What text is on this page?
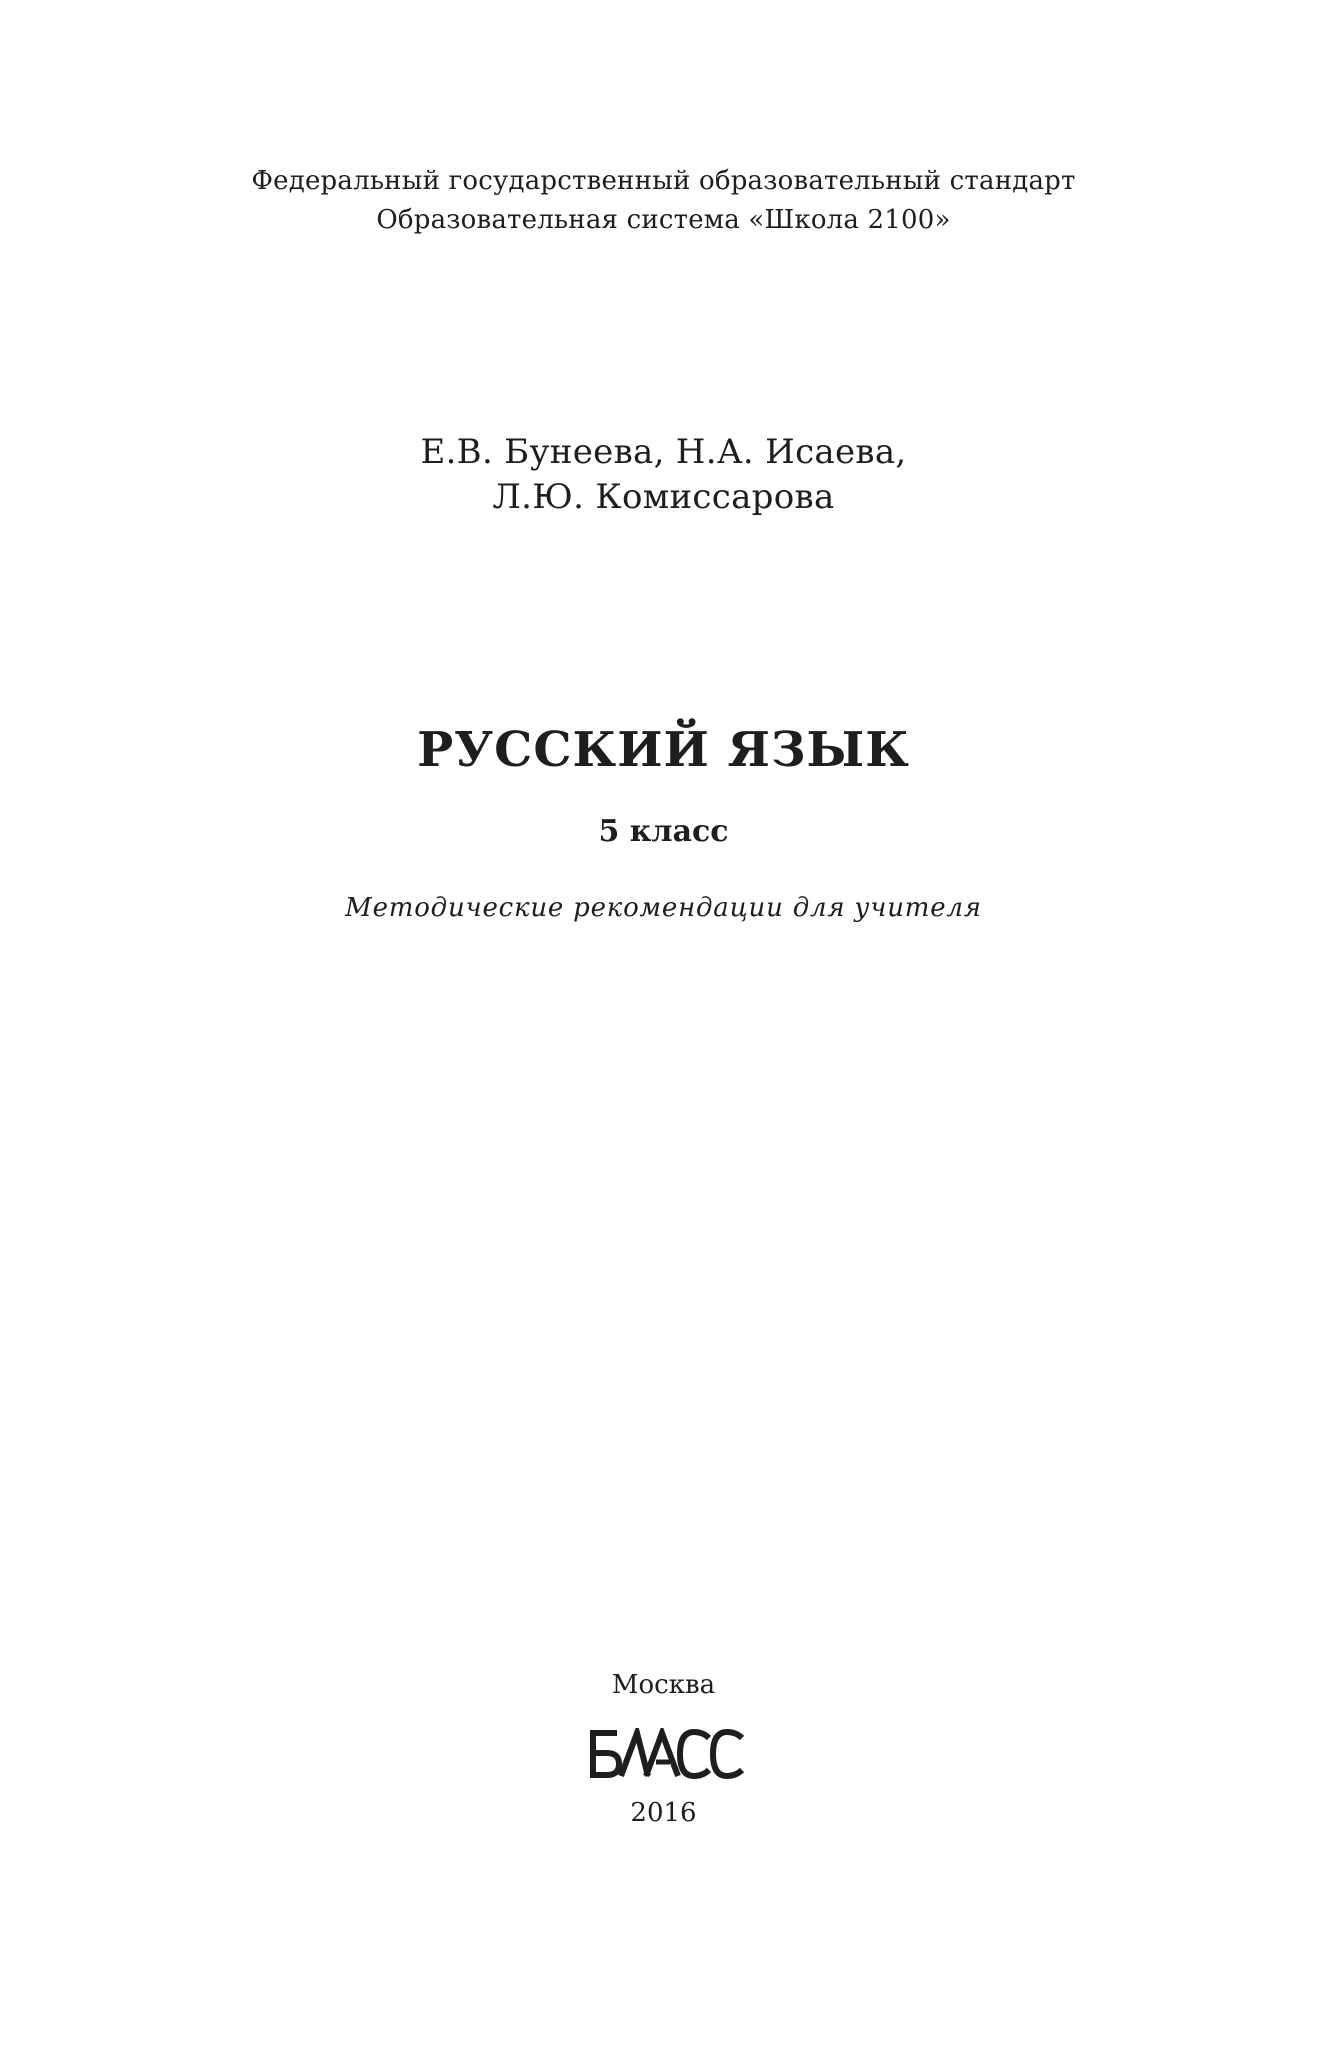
Федеральный государственный образовательный стандарт
Образовательная система «Школа 2100»
Е.В. Бунеева, Н.А. Исаева,
Л.Ю. Комиссарова
РУССКИЙ ЯЗЫК
5 класс
Методические рекомендации для учителя
Москва
2016
